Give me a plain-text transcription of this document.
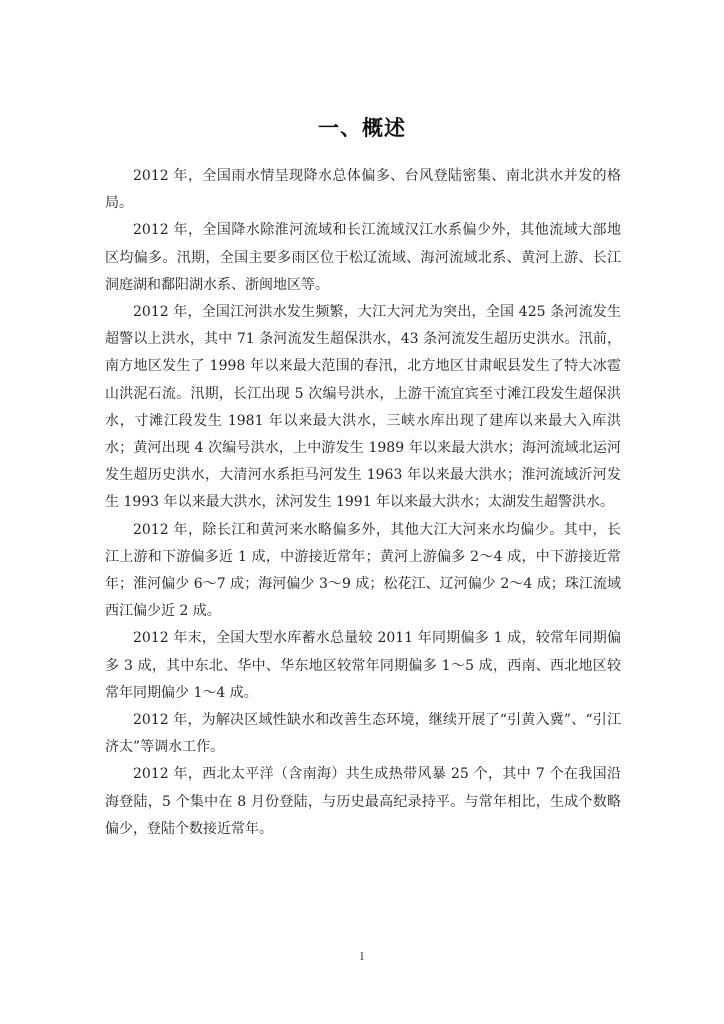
一、概述

2012 年，全国雨水情呈现降水总体偏多、台风登陆密集、南北洪水并发的格局。

2012 年，全国降水除淮河流域和长江流域汉江水系偏少外，其他流域大部地区均偏多。汛期，全国主要多雨区位于松辽流域、海河流域北系、黄河上游、长江洞庭湖和鄱阳湖水系、浙闽地区等。

2012 年，全国江河洪水发生频繁，大江大河尤为突出，全国 425 条河流发生超警以上洪水，其中 71 条河流发生超保洪水，43 条河流发生超历史洪水。汛前，南方地区发生了 1998 年以来最大范围的春汛，北方地区甘肃岷县发生了特大冰雹山洪泥石流。汛期，长江出现 5 次编号洪水，上游干流宜宾至寸滩江段发生超保洪水，寸滩江段发生 1981 年以来最大洪水，三峡水库出现了建库以来最大入库洪水；黄河出现 4 次编号洪水，上中游发生 1989 年以来最大洪水；海河流域北运河发生超历史洪水，大清河水系拒马河发生 1963 年以来最大洪水；淮河流域沂河发生 1993 年以来最大洪水，沭河发生 1991 年以来最大洪水；太湖发生超警洪水。

2012 年，除长江和黄河来水略偏多外，其他大江大河来水均偏少。其中，长江上游和下游偏多近 1 成，中游接近常年；黄河上游偏多 2～4 成，中下游接近常年；淮河偏少 6～7 成；海河偏少 3～9 成；松花江、辽河偏少 2～4 成；珠江流域西江偏少近 2 成。

2012 年末，全国大型水库蓄水总量较 2011 年同期偏多 1 成，较常年同期偏多 3 成，其中东北、华中、华东地区较常年同期偏多 1～5 成，西南、西北地区较常年同期偏少 1～4 成。

2012 年，为解决区域性缺水和改善生态环境，继续开展了“引黄入冀”、“引江济太”等调水工作。

2012 年，西北太平洋（含南海）共生成热带风暴 25 个，其中 7 个在我国沿海登陆，5 个集中在 8 月份登陆，与历史最高纪录持平。与常年相比，生成个数略偏少，登陆个数接近常年。

I
